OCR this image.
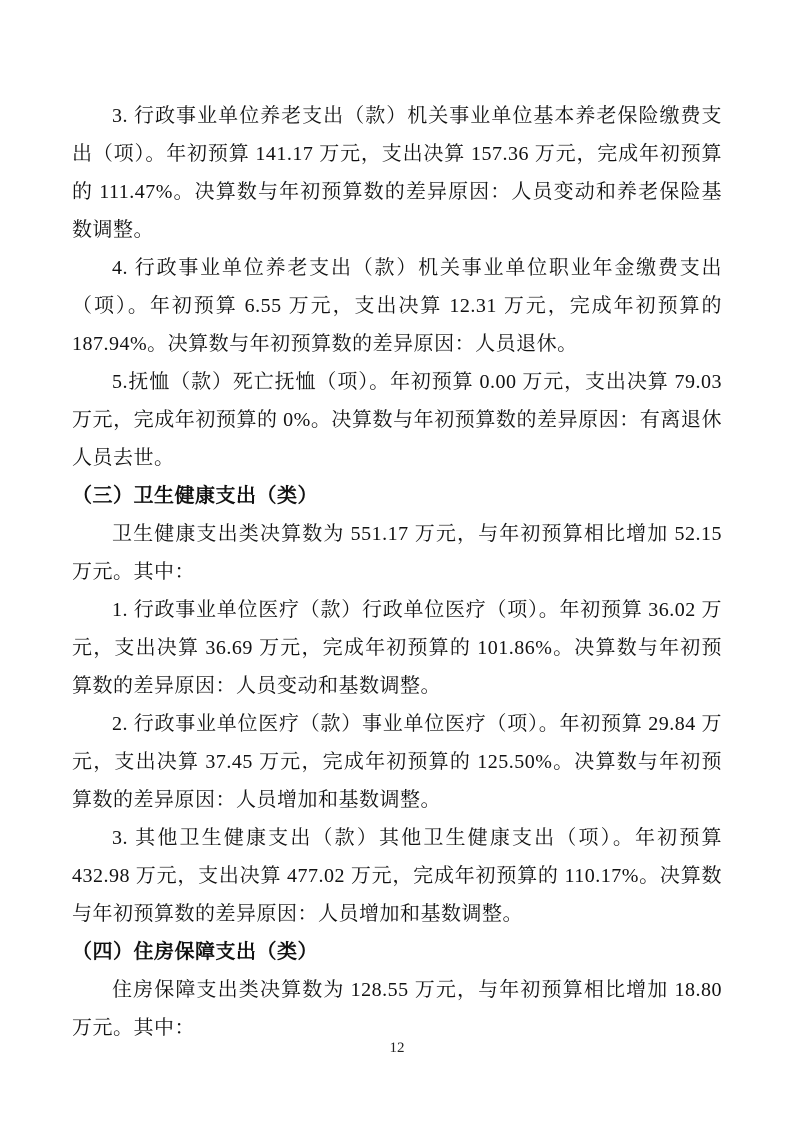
3. 行政事业单位养老支出（款）机关事业单位基本养老保险缴费支出（项）。年初预算 141.17 万元，支出决算 157.36 万元，完成年初预算的 111.47%。决算数与年初预算数的差异原因：人员变动和养老保险基数调整。

4. 行政事业单位养老支出（款）机关事业单位职业年金缴费支出（项）。年初预算 6.55 万元，支出决算 12.31 万元，完成年初预算的 187.94%。决算数与年初预算数的差异原因：人员退休。

5.抚恤（款）死亡抚恤（项）。年初预算 0.00 万元，支出决算 79.03 万元，完成年初预算的 0%。决算数与年初预算数的差异原因：有离退休人员去世。

（三）卫生健康支出（类）

卫生健康支出类决算数为 551.17 万元，与年初预算相比增加 52.15 万元。其中：

1. 行政事业单位医疗（款）行政单位医疗（项）。年初预算 36.02 万元，支出决算 36.69 万元，完成年初预算的 101.86%。决算数与年初预算数的差异原因：人员变动和基数调整。

2. 行政事业单位医疗（款）事业单位医疗（项）。年初预算 29.84 万元，支出决算 37.45 万元，完成年初预算的 125.50%。决算数与年初预算数的差异原因：人员增加和基数调整。

3. 其他卫生健康支出（款）其他卫生健康支出（项）。年初预算 432.98 万元，支出决算 477.02 万元，完成年初预算的 110.17%。决算数与年初预算数的差异原因：人员增加和基数调整。

（四）住房保障支出（类）

住房保障支出类决算数为 128.55 万元，与年初预算相比增加 18.80 万元。其中：

12
